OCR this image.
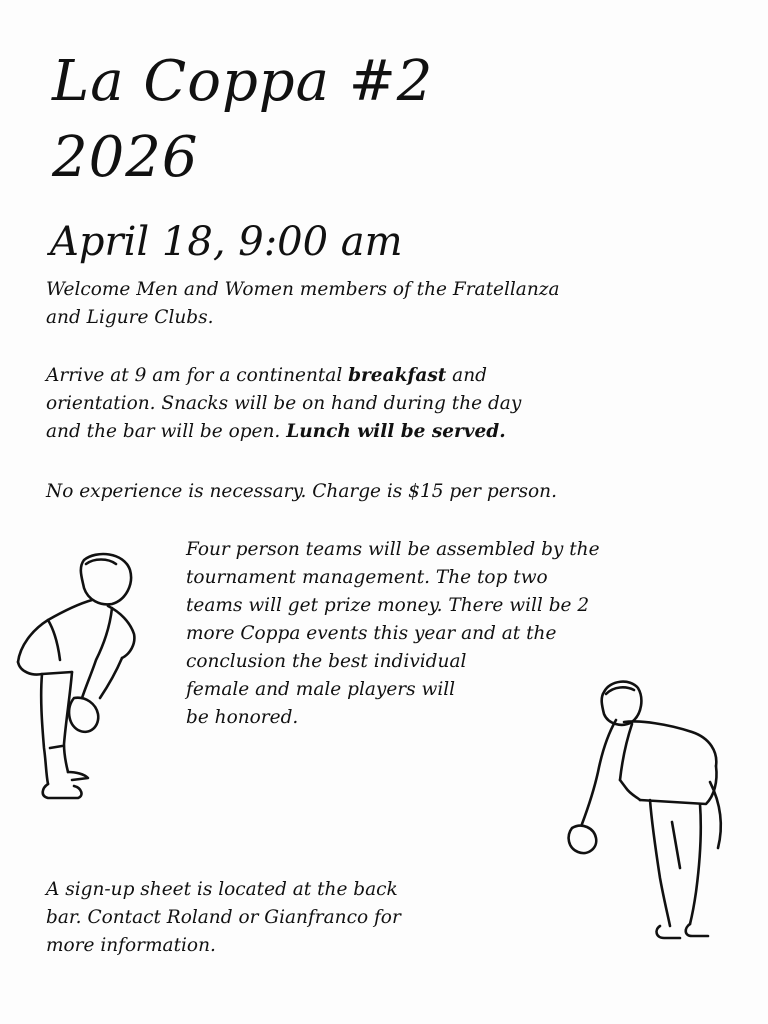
La Coppa #2
2026
April 18, 9:00 am
Welcome Men and Women members of the Fratellanza
and Ligure Clubs.
Arrive at 9 am for a continental breakfast and
orientation. Snacks will be on hand during the day
and the bar will be open. Lunch will be served.
No experience is necessary. Charge is $15 per person.
Four person teams will be assembled by the
tournament management. The top two
teams will get prize money. There will be 2
more Coppa events this year and at the
conclusion the best individual
female and male players will
be honored.
A sign-up sheet is located at the back
bar. Contact Roland or Gianfranco for
more information.
